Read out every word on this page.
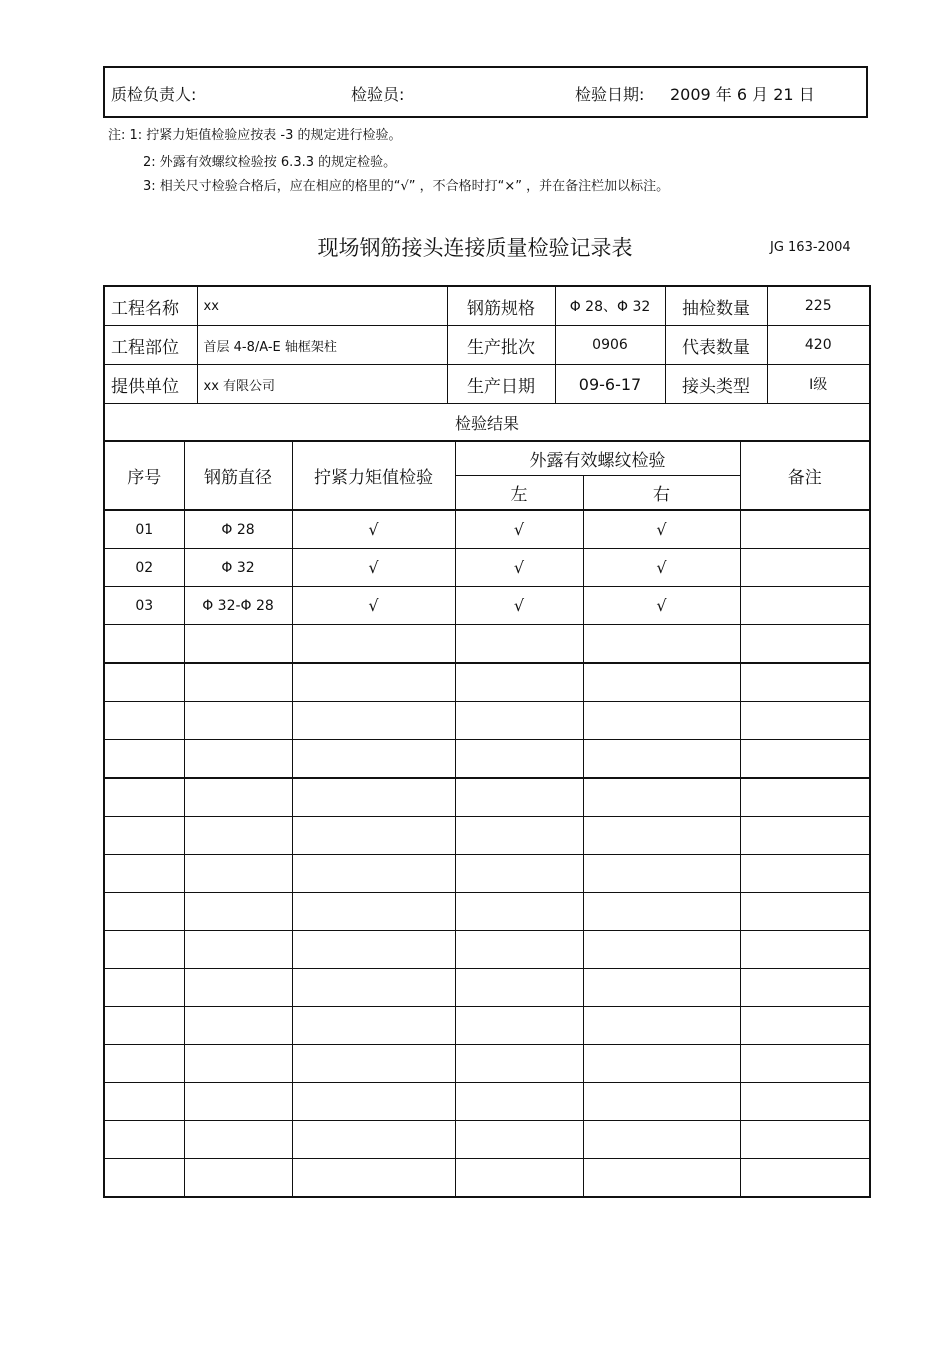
质检负责人:	检验员:	检验日期: 2009 年 6 月 21 日
注: 1: 拧紧力矩值检验应按表 -3 的规定进行检验。
2: 外露有效螺纹检验按 6.3.3 的规定检验。
3: 相关尺寸检验合格后，应在相应的格里的“√” ，不合格时打“×” ，并在备注栏加以标注。
现场钢筋接头连接质量检验记录表	JG 163-2004
工程名称	xx	钢筋规格	Φ 28、Φ 32	抽检数量	225
工程部位	首层 4-8/A-E 轴框架柱	生产批次	0906	代表数量	420
提供单位	xx 有限公司	生产日期	09-6-17	接头类型	Ⅰ级
检验结果					
序号	钢筋直径	拧紧力矩值检验	外露有效螺纹检验		备注
			左	右	
01	Φ 28	√	√	√	
02	Φ 32	√	√	√	
03	Φ 32-Φ 28	√	√	√	
